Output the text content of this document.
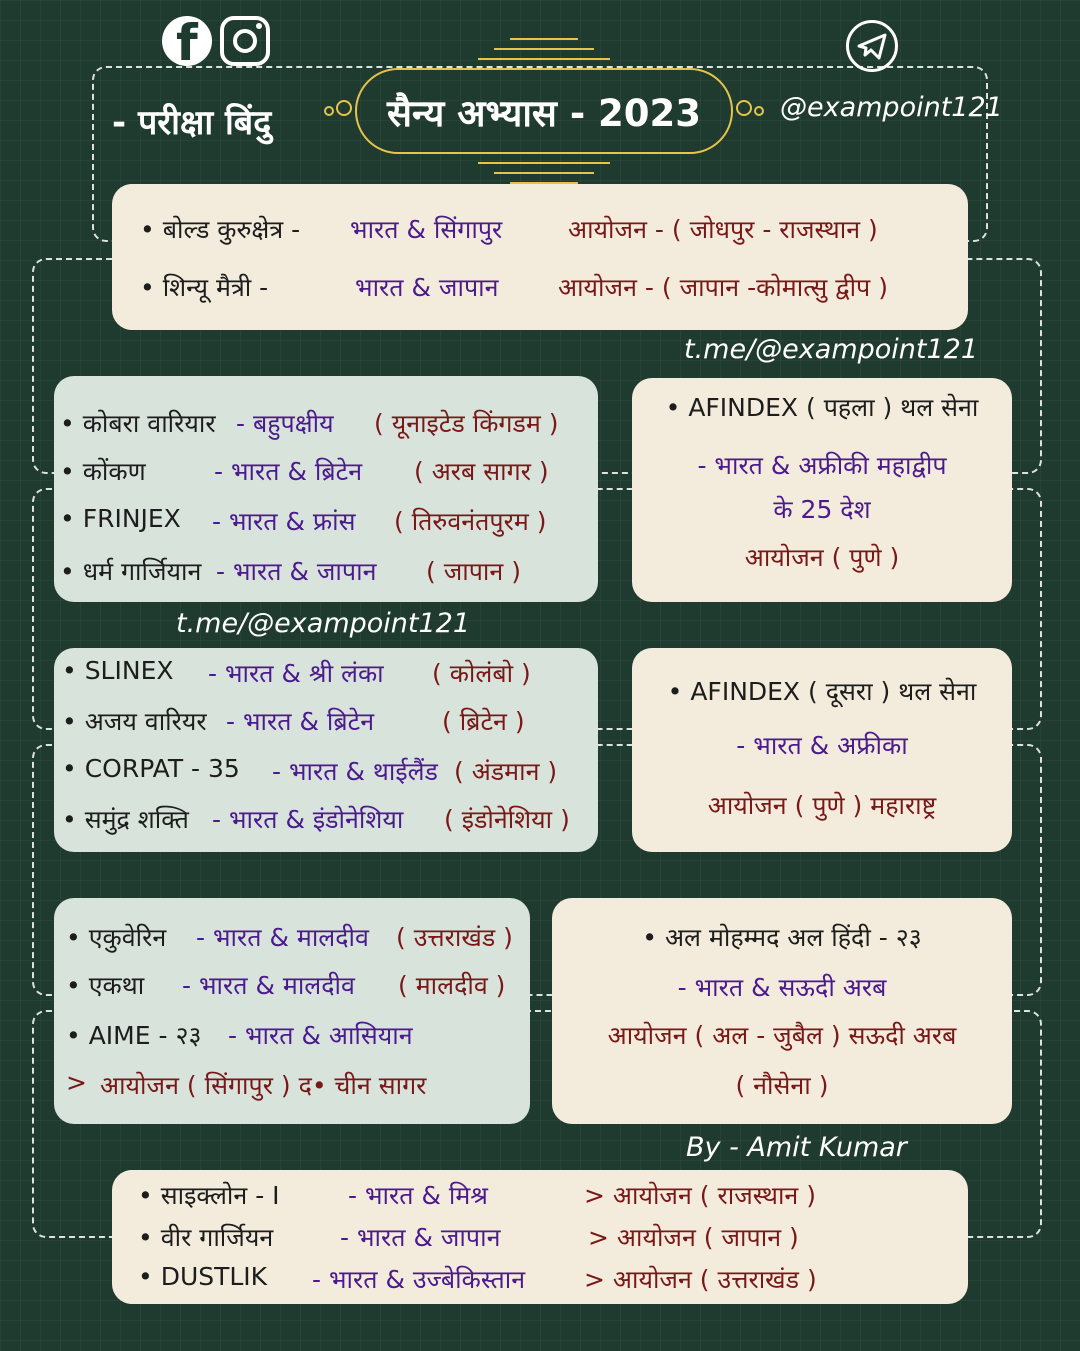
f
- परीक्षा बिंदु	सैन्य अभ्यास - 2023	@exampoint121
• बोल्ड कुरुक्षेत्र - भारत & सिंगापुर	आयोजन - ( जोधपुर - राजस्थान )
• शिन्यू मैत्री -	भारत & जापान आयोजन - ( जापान -कोमात्सु द्वीप )
t.me/@exampoint121
• कोबरा वारियार - बहुपक्षीय ( यूनाइटेड किंगडम )
• कोंकण	- भारत & ब्रिटेन ( अरब सागर )
• FRINJEX - भारत & फ्रांस ( तिरुवनंतपुरम )
• धर्म गार्जियान - भारत & जापान ( जापान )
• AFINDEX ( पहला ) थल सेना
- भारत & अफ्रीकी महाद्वीप
के 25 देश
आयोजन ( पुणे )
t.me/@exampoint121
• SLINEX - भारत & श्री लंका ( कोलंबो )
• अजय वारियर - भारत & ब्रिटेन	( ब्रिटेन )
• CORPAT - 35 - भारत & थाईलैंड ( अंडमान )
• समुंद्र शक्ति - भारत & इंडोनेशिया ( इंडोनेशिया )
• AFINDEX ( दूसरा ) थल सेना
- भारत & अफ्रीका
आयोजन ( पुणे ) महाराष्ट्र
• एकुवेरिन - भारत & मालदीव ( उत्तराखंड )
• एकथा - भारत & मालदीव ( मालदीव )
• AIME - २३ - भारत & आसियान
> आयोजन ( सिंगापुर ) द• चीन सागर
• अल मोहम्मद अल हिंदी - २३
- भारत & सऊदी अरब
आयोजन ( अल - जुबैल ) सऊदी अरब
( नौसेना )
By - Amit Kumar
• साइक्लोन - I	- भारत & मिश्र	> आयोजन ( राजस्थान )
• वीर गार्जियन	- भारत & जापान	> आयोजन ( जापान )
• DUSTLIK - भारत & उज्बेकिस्तान > आयोजन ( उत्तराखंड )
